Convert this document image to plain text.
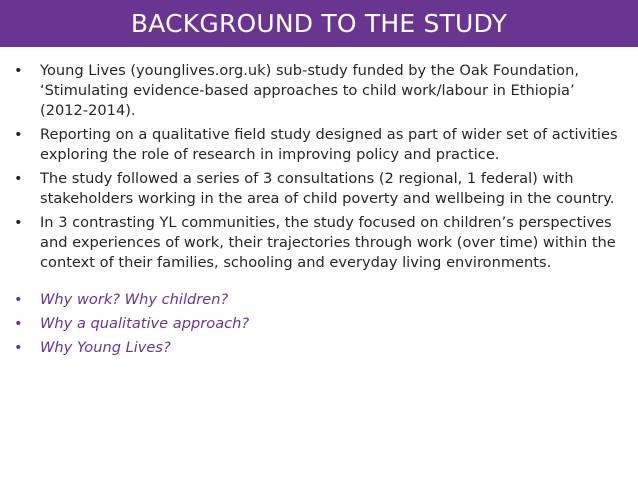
BACKGROUND TO THE STUDY
•	Young Lives (younglives.org.uk) sub-study funded by the Oak Foundation, ‘Stimulating evidence-based approaches to child work/labour in Ethiopia’ (2012-2014).
•	Reporting on a qualitative field study designed as part of wider set of activities exploring the role of research in improving policy and practice.
•	The study followed a series of 3 consultations (2 regional, 1 federal) with stakeholders working in the area of child poverty and wellbeing in the country.
•	In 3 contrasting YL communities, the study focused on children’s perspectives and experiences of work, their trajectories through work (over time) within the context of their families, schooling and everyday living environments.
•	Why work? Why children?
•	Why a qualitative approach?
•	Why Young Lives?
